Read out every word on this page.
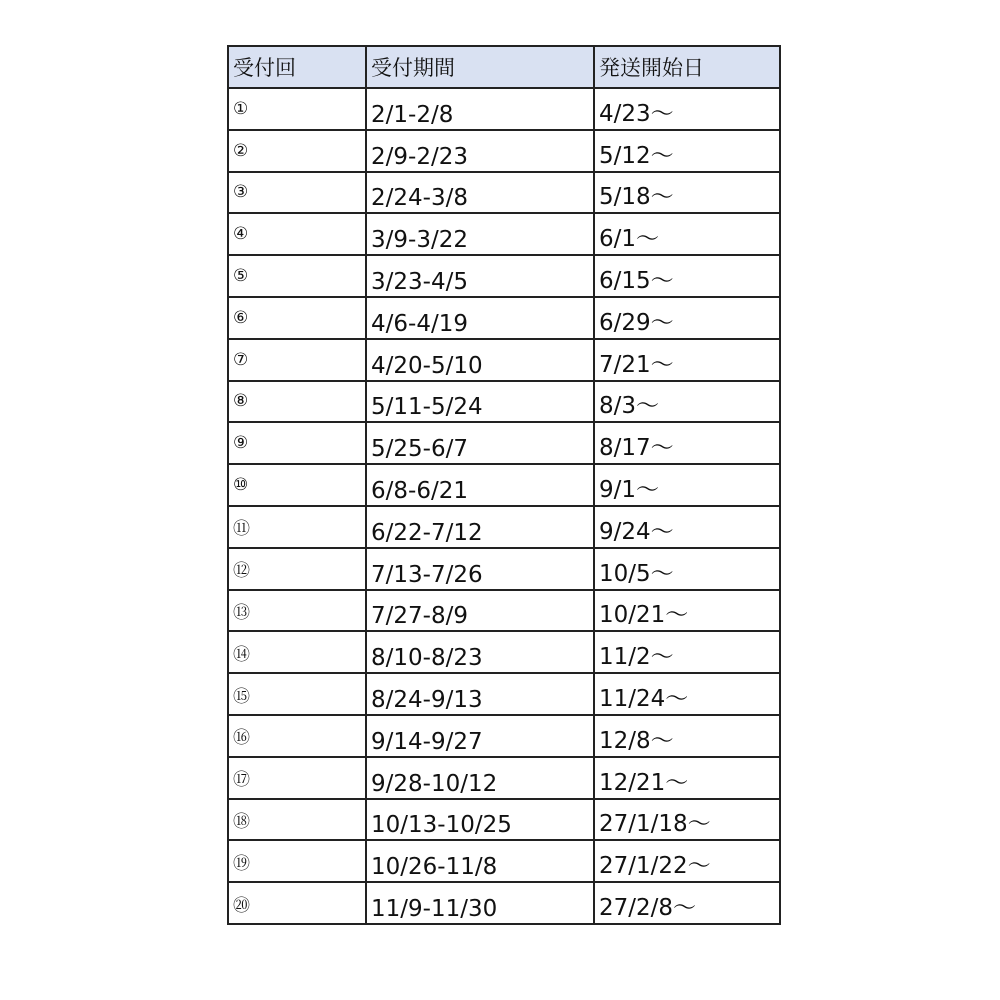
受付回	受付期間	発送開始日
①	2/1-2/8	4/23～
②	2/9-2/23	5/12～
③	2/24-3/8	5/18～
④	3/9-3/22	6/1～
⑤	3/23-4/5	6/15～
⑥	4/6-4/19	6/29～
⑦	4/20-5/10	7/21～
⑧	5/11-5/24	8/3～
⑨	5/25-6/7	8/17～
⑩	6/8-6/21	9/1～
⑪	6/22-7/12	9/24～
⑫	7/13-7/26	10/5～
⑬	7/27-8/9	10/21～
⑭	8/10-8/23	11/2～
⑮	8/24-9/13	11/24～
⑯	9/14-9/27	12/8～
⑰	9/28-10/12	12/21～
⑱	10/13-10/25	27/1/18～
⑲	10/26-11/8	27/1/22～
⑳	11/9-11/30	27/2/8～
